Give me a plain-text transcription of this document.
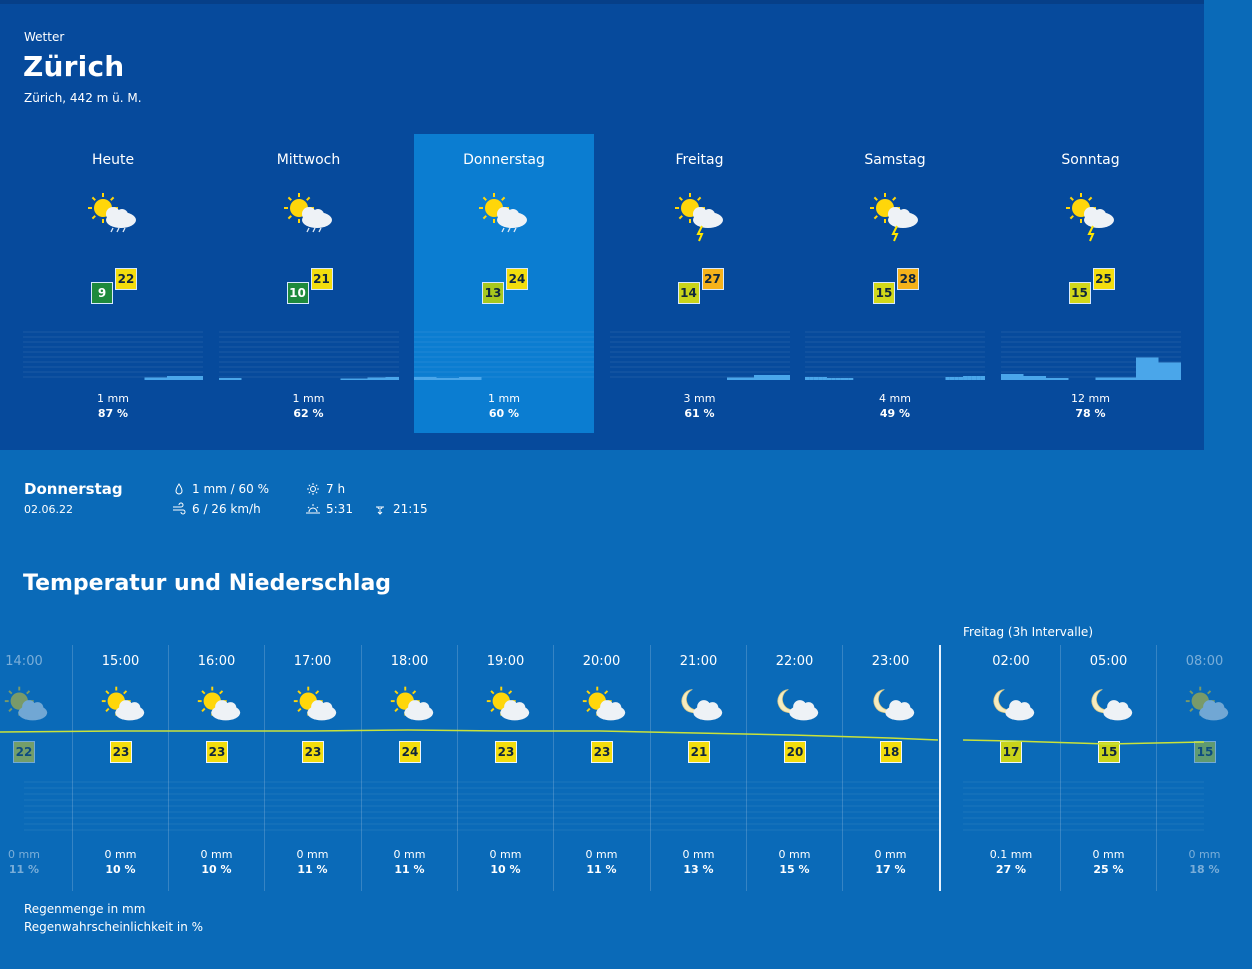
Wetter
Zürich
Zürich, 442 m ü. M.
Heute
9
22
1 mm
87 %
Mittwoch
10
21
1 mm
62 %
Donnerstag
13
24
1 mm
60 %
Freitag
14
27
3 mm
61 %
Samstag
15
28
4 mm
49 %
Sonntag
15
25
12 mm
78 %
Donnerstag
02.06.22
1 mm / 60 %
6 / 26 km/h
7 h
5:31	21:15
Temperatur und Niederschlag
Freitag (3h Intervalle)
14:00
22
0 mm
11 %
15:00
23
0 mm
10 %
16:00
23
0 mm
10 %
17:00
23
0 mm
11 %
18:00
24
0 mm
11 %
19:00
23
0 mm
10 %
20:00
23
0 mm
11 %
21:00
21
0 mm
13 %
22:00
20
0 mm
15 %
23:00
18
0 mm
17 %
02:00
17
0.1 mm
27 %
05:00
15
0 mm
25 %
08:00
15
0 mm
18 %
Regenmenge in mm
Regenwahrscheinlichkeit in %
